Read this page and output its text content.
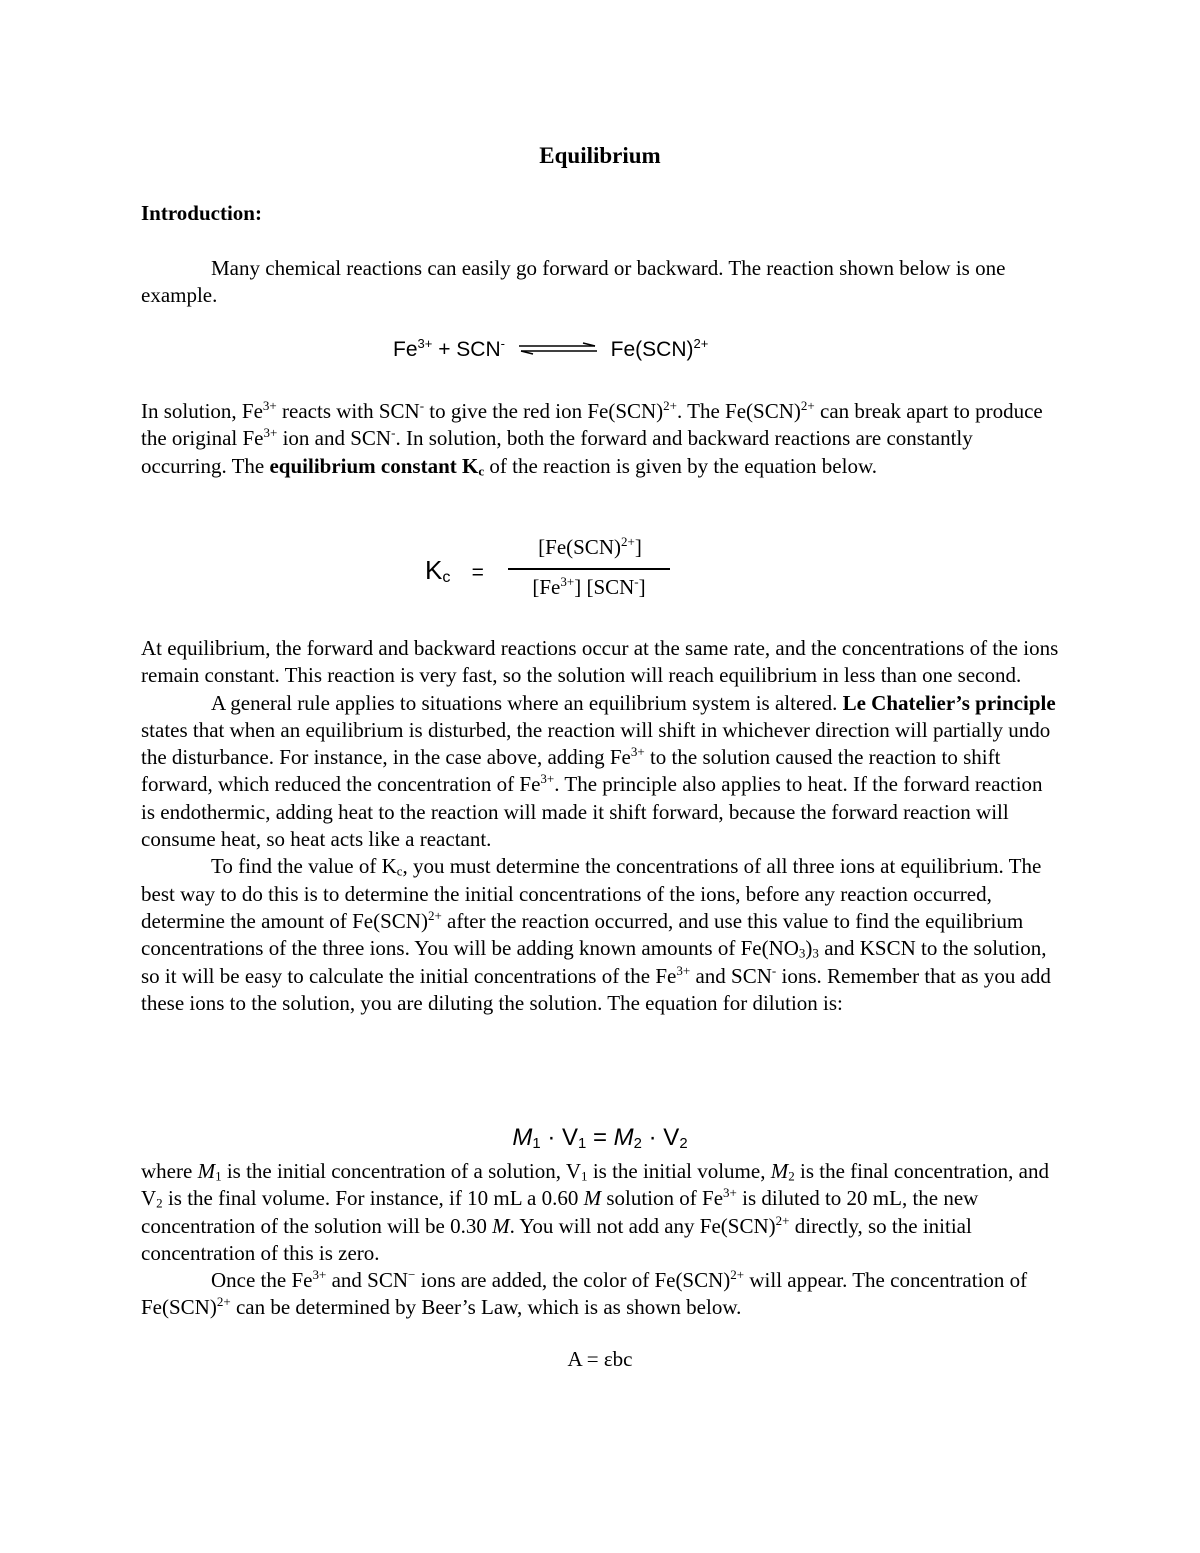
Equilibrium
Introduction:

Many chemical reactions can easily go forward or backward. The reaction shown below is one example.

$Fe^{3+} + SCN^-$ ⇌ Fe(SCN)$^{2+}$

In solution, $Fe^{3+}$ reacts with SCN- to give the red ion Fe(SCN)$^{2+}$. The Fe(SCN)$^{2+}$ can break apart to produce the original $Fe^{3+}$ ion and SCN-. In solution, both the forward and backward reactions are constantly occurring. The equilibrium constant $K_c$ of the reaction is given by the equation below.

$K_c$ =
[Fe(SCN)$^{2+}$]
$[Fe^{3+}]$ [SCN-]

At equilibrium, the forward and backward reactions occur at the same rate, and the concentrations of the ions remain constant. This reaction is very fast, so the solution will reach equilibrium in less than one second.

A general rule applies to situations where an equilibrium system is altered. Le Chatelier’s principle states that when an equilibrium is disturbed, the reaction will shift in whichever direction will partially undo the disturbance. For instance, in the case above, adding $Fe^{3+}$ to the solution caused the reaction to shift forward, which reduced the concentration of $Fe^{3+}$. The principle also applies to heat. If the forward reaction is endothermic, adding heat to the reaction will made it shift forward, because the forward reaction will consume heat, so heat acts like a reactant.

To find the value of $K_c$, you must determine the concentrations of all three ions at equilibrium. The best way to do this is to determine the initial concentrations of the ions, before any reaction occurred, determine the amount of Fe(SCN)$^{2+}$ after the reaction occurred, and use this value to find the equilibrium concentrations of the three ions. You will be adding known amounts of $Fe(NO_3)_3$ and KSCN to the solution, so it will be easy to calculate the initial concentrations of the $Fe^{3+}$ and SCN- ions. Remember that as you add these ions to the solution, you are diluting the solution. The equation for dilution is:

$M_1 \cdot V_1 = M_2 \cdot V_2$

where $M_1$ is the initial concentration of a solution, $V_1$ is the initial volume, $M_2$ is the final concentration, and $V_2$ is the final volume. For instance, if 10 mL a 0.60 M solution of $Fe^{3+}$ is diluted to 20 mL, the new concentration of the solution will be 0.30 M. You will not add any Fe(SCN)$^{2+}$ directly, so the initial concentration of this is zero.

Once the $Fe^{3+}$ and SCN− ions are added, the color of Fe(SCN)$^{2+}$ will appear. The concentration of Fe(SCN)$^{2+}$ can be determined by Beer’s Law, which is as shown below.

A = εbc
